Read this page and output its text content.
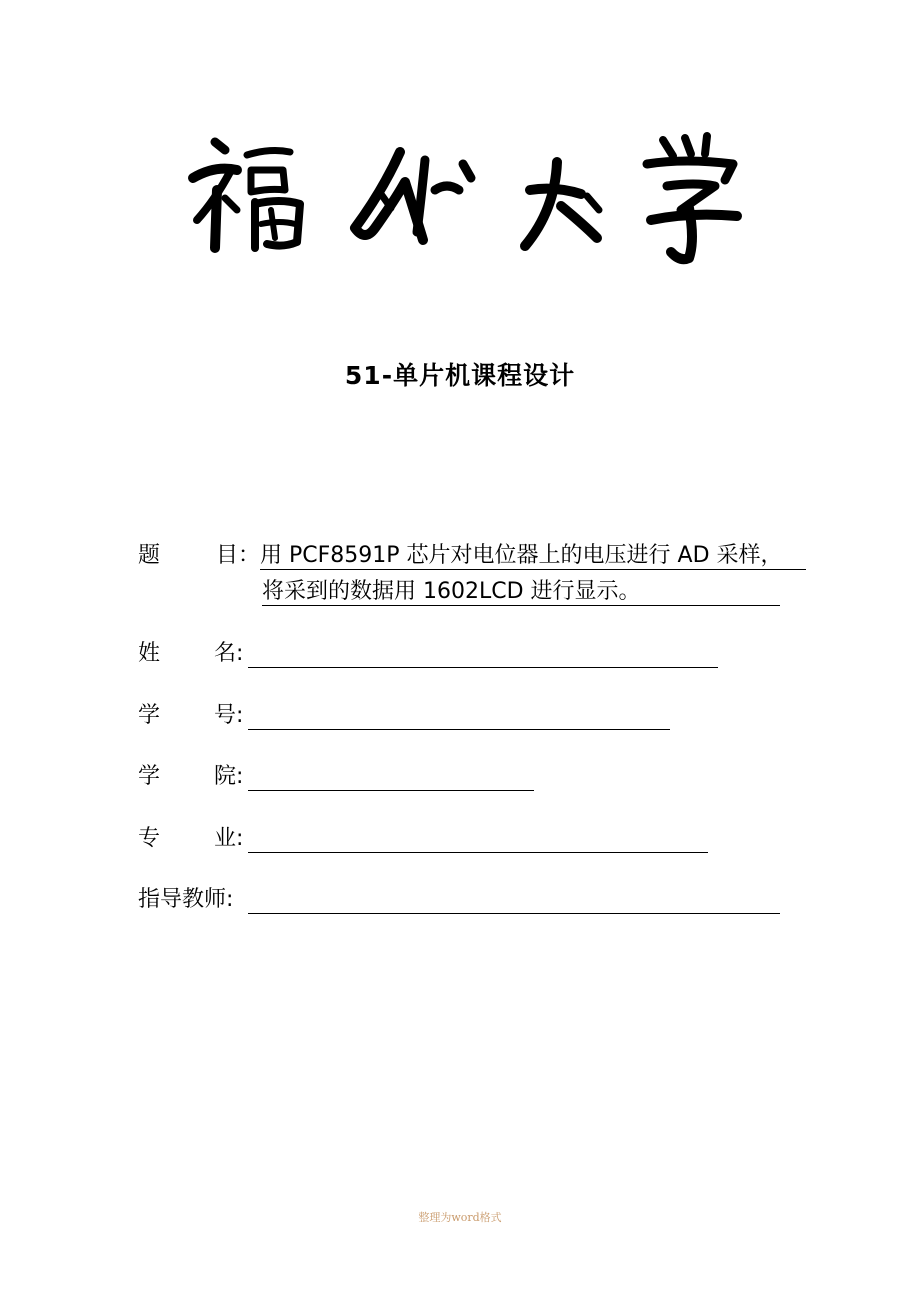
51-单片机课程设计
题	目：用 PCF8591P 芯片对电位器上的电压进行 AD 采样，
将采到的数据用 1602LCD 进行显示。
姓 名:
学 号:
学 院:
专 业:
指导教师:
整理为word格式
